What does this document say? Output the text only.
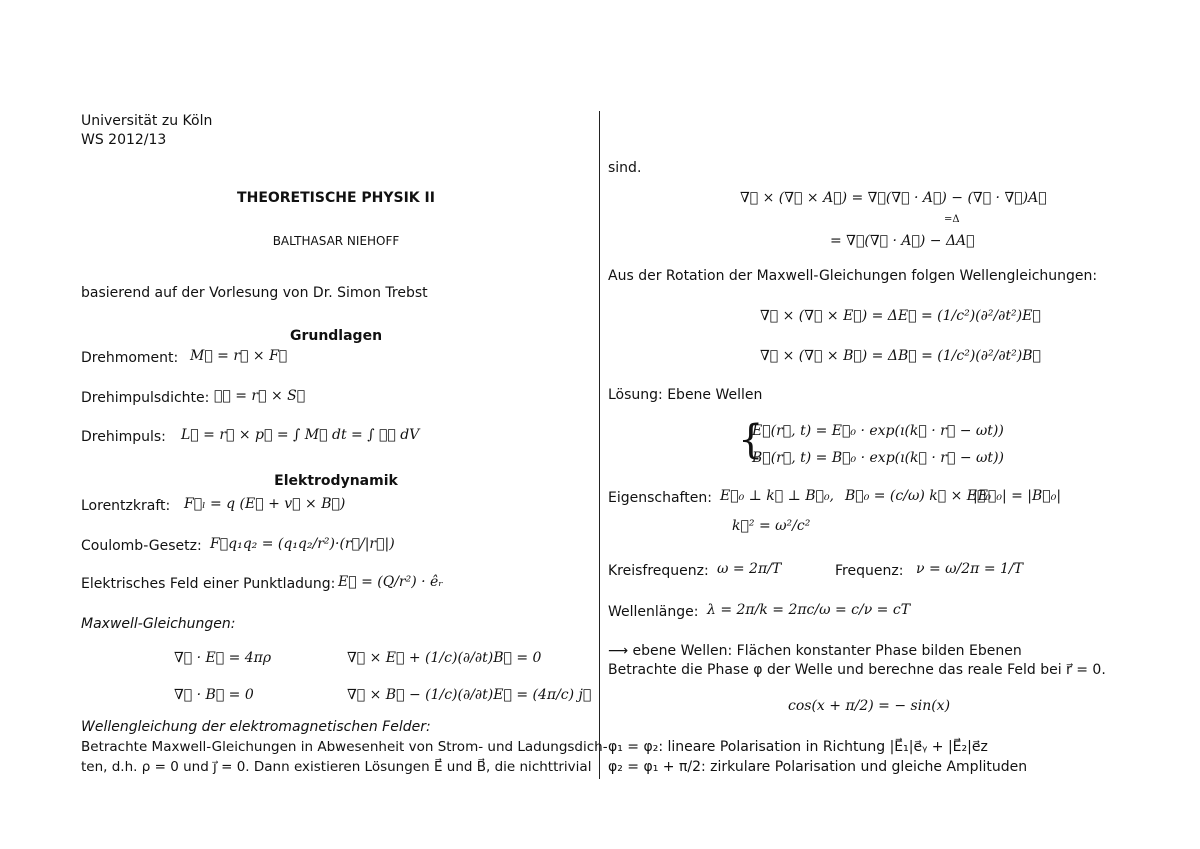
Universität zu Köln
WS 2012/13
THEORETISCHE PHYSIK II
BALTHASAR NIEHOFF
basierend auf der Vorlesung von Dr. Simon Trebst
Grundlagen
Drehmoment: M⃗ = r⃗ × F⃗
Drehimpulsdichte: ℓ⃗ = r⃗ × S⃗
Drehimpuls: L⃗ = r⃗ × p⃗ = ∫ M⃗ dt = ∫ ℓ⃗ dV
Elektrodynamik
Lorentzkraft: F⃗ₗ = q (E⃗ + v⃗ × B⃗)
Coulomb-Gesetz: F⃗q₁q₂ = (q₁q₂/r²)·(r⃗/|r⃗|)
Elektrisches Feld einer Punktladung: E⃗ = (Q/r²) · êᵣ
Maxwell-Gleichungen:
∇⃗ · E⃗ = 4πρ	∇⃗ × E⃗ + (1/c)(∂/∂t)B⃗ = 0
∇⃗ · B⃗ = 0	∇⃗ × B⃗ − (1/c)(∂/∂t)E⃗ = (4π/c) j⃗
Wellengleichung der elektromagnetischen Felder:
Betrachte Maxwell-Gleichungen in Abwesenheit von Strom- und Ladungsdich-
ten, d.h. ρ = 0 und j⃗ = 0. Dann existieren Lösungen E⃗ und B⃗, die nichttrivial
sind.
∇⃗ × (∇⃗ × A⃗) = ∇⃗(∇⃗ · A⃗) − (∇⃗ · ∇⃗)A⃗
=Δ
= ∇⃗(∇⃗ · A⃗) − ΔA⃗
Aus der Rotation der Maxwell-Gleichungen folgen Wellengleichungen:
∇⃗ × (∇⃗ × E⃗) = ΔE⃗ = (1/c²)(∂²/∂t²)E⃗
∇⃗ × (∇⃗ × B⃗) = ΔB⃗ = (1/c²)(∂²/∂t²)B⃗
Lösung: Ebene Wellen
{
E⃗(r⃗, t) = E⃗₀ · exp(ı(k⃗ · r⃗ − ωt))
B⃗(r⃗, t) = B⃗₀ · exp(ı(k⃗ · r⃗ − ωt))
Eigenschaften: E⃗₀ ⊥ k⃗ ⊥ B⃗₀, B⃗₀ = (c/ω) k⃗ × E⃗₀
|E⃗₀| = |B⃗₀|
k⃗² = ω²/c²
Kreisfrequenz: ω = 2π/T	Frequenz: ν = ω/2π = 1/T
Wellenlänge: λ = 2π/k = 2πc/ω = c/ν = cT
⟶ ebene Wellen: Flächen konstanter Phase bilden Ebenen
Betrachte die Phase φ der Welle und berechne das reale Feld bei r⃗ = 0.
cos(x + π/2) = − sin(x)
φ₁ = φ₂: lineare Polarisation in Richtung |E⃗₁|e⃗ᵧ + |E⃗₂|e⃗z
φ₂ = φ₁ + π/2: zirkulare Polarisation und gleiche Amplituden
